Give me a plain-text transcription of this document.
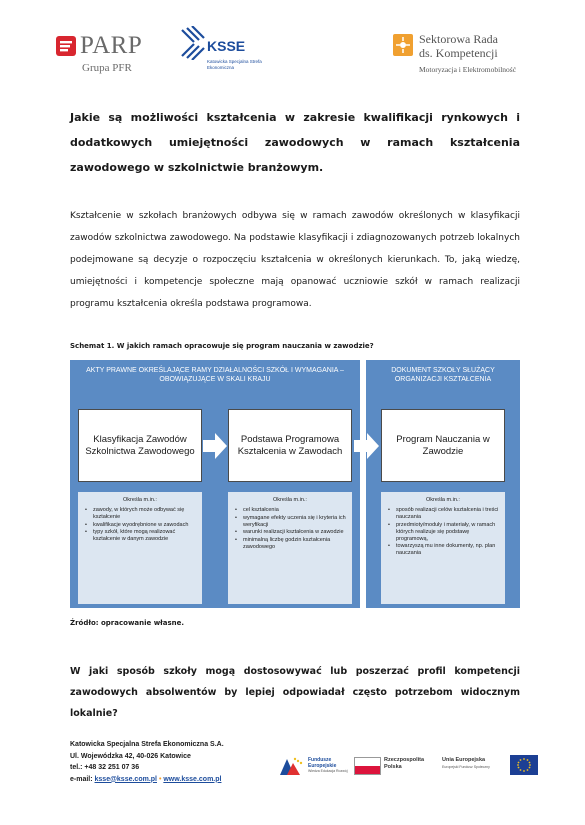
PARP
Grupa PFR
KSSE
Katowicka Specjalna Strefa Ekonomiczna
Sektorowa Rada
ds. Kompetencji
Motoryzacja i Elektromobilność
Jakie są możliwości kształcenia w zakresie kwalifikacji rynkowych i dodatkowych umiejętności zawodowych w ramach kształcenia zawodowego w szkolnictwie branżowym.
Kształcenie w szkołach branżowych odbywa się w ramach zawodów określonych w klasyfikacji zawodów szkolnictwa zawodowego. Na podstawie klasyfikacji i zdiagnozowanych potrzeb lokalnych podejmowane są decyzje o rozpoczęciu kształcenia w określonych kierunkach. To, jaką wiedzę, umiejętności i kompetencje społeczne mają opanować uczniowie szkół w ramach realizacji programu kształcenia określa podstawa programowa.
Schemat 1. W jakich ramach opracowuje się program nauczania w zawodzie?
AKTY PRAWNE OKREŚLAJĄCE RAMY DZIAŁALNOŚCI SZKÓŁ I WYMAGANIA – OBOWIĄZUJĄCE W SKALI KRAJU
DOKUMENT SZKOŁY SŁUŻĄCY ORGANIZACJI KSZTAŁCENIA
Klasyfikacja Zawodów Szkolnictwa Zawodowego
Podstawa Programowa Kształcenia w Zawodach
Program Nauczania w Zawodzie
Określa m.in.:
• zawody, w których może odbywać się kształcenie
• kwalifikacje wyodrębnione w zawodach
• typy szkół, które mogą realizować kształcenie w danym zawodzie
Określa m.in.:
• cel kształcenia
• wymagane efekty uczenia się i kryteria ich weryfikacji
• warunki realizacji kształcenia w zawodzie
• minimalną liczbę godzin kształcenia zawodowego
Określa m.in.:
• sposób realizacji celów kształcenia i treści nauczania
• przedmioty/moduły i materiały, w ramach których realizuje się podstawę programową,
• towarzyszą mu inne dokumenty, np. plan nauczania
Źródło: opracowanie własne.
W jaki sposób szkoły mogą dostosowywać lub poszerzać profil kompetencji zawodowych absolwentów by lepiej odpowiadał często potrzebom widocznym lokalnie?
Katowicka Specjalna Strefa Ekonomiczna S.A.
Ul. Wojewódzka 42, 40-026 Katowice
tel.: +48 32 251 07 36
e-mail: ksse@ksse.com.pl • www.ksse.com.pl
Fundusze Europejskie
Wiedza Edukacja Rozwój
Rzeczpospolita Polska
Unia Europejska
Europejski Fundusz Społeczny
